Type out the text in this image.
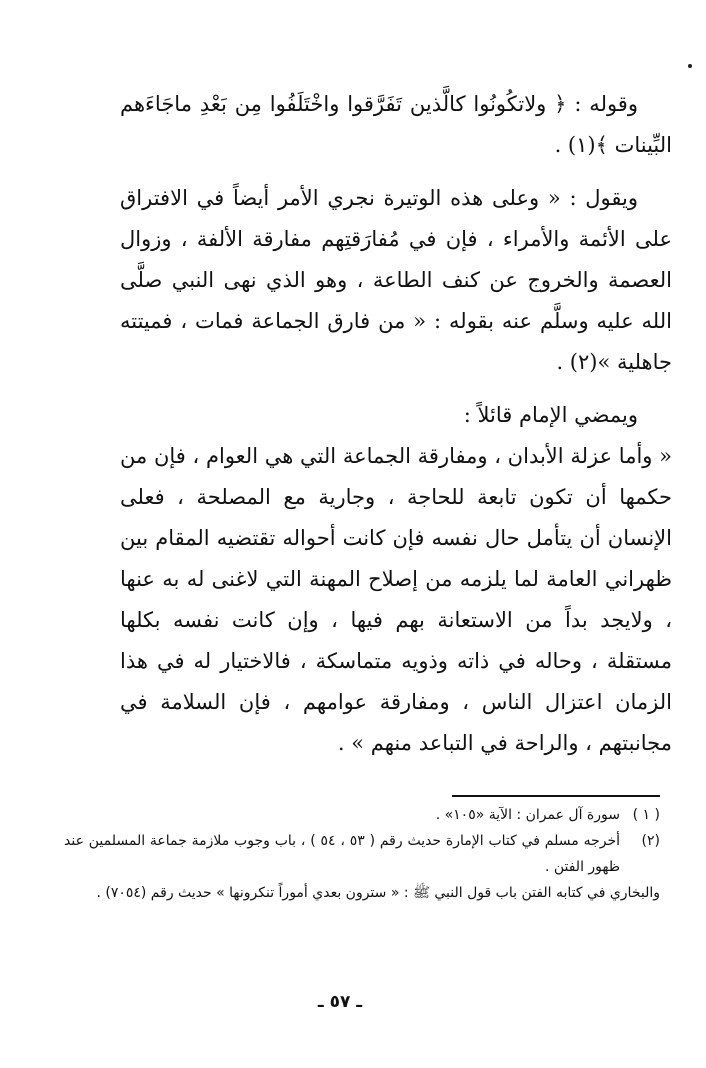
وقوله : ﴿ ولاتكُونُوا كالَّذين تَفَرَّقوا واخْتَلَفُوا مِن بَعْدِ ماجَاءَهم البِّينات ﴾(١) .

ويقول : « وعلى هذه الوتيرة نجري الأمر أيضاً في الافتراق على الأئمة والأمراء ، فإن في مُفارَقتِهم مفارقة الألفة ، وزوال العصمة والخروج عن كنف الطاعة ، وهو الذي نهى النبي صلَّى الله عليه وسلَّم عنه بقوله : « من فارق الجماعة فمات ، فميتته جاهلية »(٢) .

ويمضي الإمام قائلاً :

« وأما عزلة الأبدان ، ومفارقة الجماعة التي هي العوام ، فإن من حكمها أن تكون تابعة للحاجة ، وجارية مع المصلحة ، فعلى الإنسان أن يتأمل حال نفسه فإن كانت أحواله تقتضيه المقام بين ظهراني العامة لما يلزمه من إصلاح المهنة التي لاغنى له به عنها ، ولايجد بداً من الاستعانة بهم فيها ، وإن كانت نفسه بكلها مستقلة ، وحاله في ذاته وذويه متماسكة ، فالاختيار له في هذا الزمان اعتزال الناس ، ومفارقة عوامهم ، فإن السلامة في مجانبتهم ، والراحة في التباعد منهم » .

( ١ )
سورة آل عمران : الآية «١٠٥» .
(٢)
أخرجه مسلم في كتاب الإمارة حديث رقم ( ٥٣ ، ٥٤ ) ، باب وجوب ملازمة جماعة المسلمين عند ظهور الفتن .
والبخاري في كتابه الفتن باب قول النبي ﷺ : « سترون بعدي أموراً تنكرونها » حديث رقم (٧٠٥٤) .
ـ ٥٧ ـ
